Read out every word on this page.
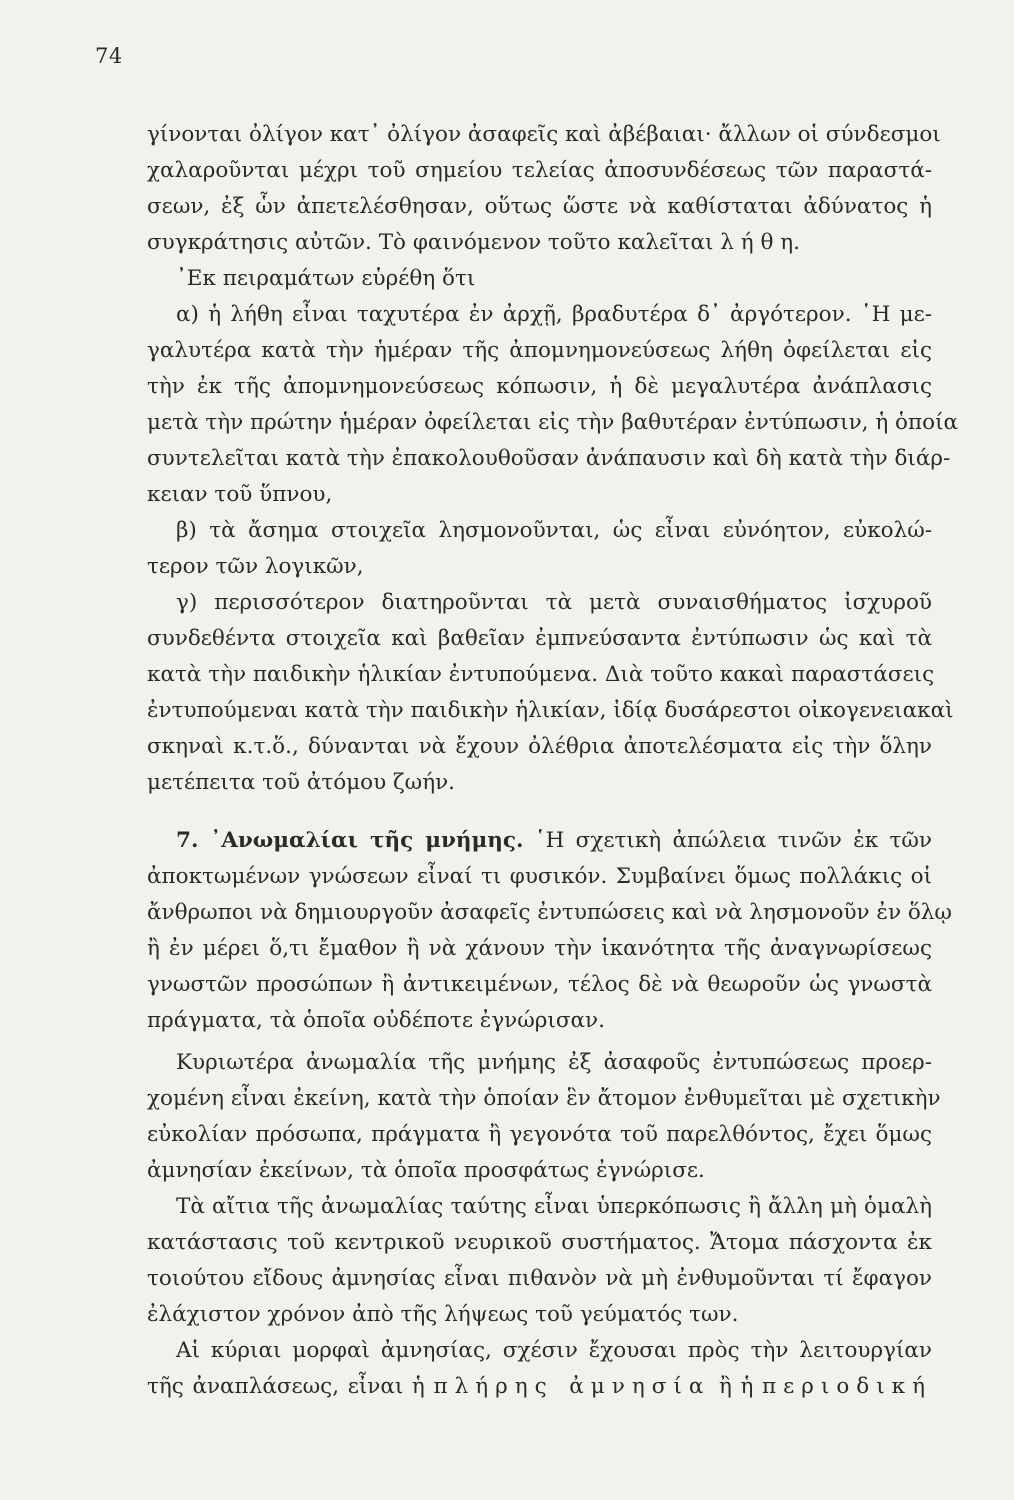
74
γίνονται ὀλίγον κατ᾿ ὀλίγον ἀσαφεῖς καὶ ἀβέβαιαι· ἄλλων οἱ σύνδεσμοι
χαλαροῦνται μέχρι τοῦ σημείου τελείας ἀποσυνδέσεως τῶν παραστά-
σεων, ἐξ ὧν ἀπετελέσθησαν, οὕτως ὥστε νὰ καθίσταται ἀδύνατος ἡ
συγκράτησις αὐτῶν. Τὸ φαινόμενον τοῦτο καλεῖται λ ή θ η.
᾿Εκ πειραμάτων εὑρέθη ὅτι
α) ἡ λήθη εἶναι ταχυτέρα ἐν ἀρχῇ, βραδυτέρα δ᾿ ἀργότερον. ῾Η με-
γαλυτέρα κατὰ τὴν ἡμέραν τῆς ἀπομνημονεύσεως λήθη ὀφείλεται εἰς
τὴν ἐκ τῆς ἀπομνημονεύσεως κόπωσιν, ἡ δὲ μεγαλυτέρα ἀνάπλασις
μετὰ τὴν πρώτην ἡμέραν ὀφείλεται εἰς τὴν βαθυτέραν ἐντύπωσιν, ἡ ὁποία
συντελεῖται κατὰ τὴν ἐπακολουθοῦσαν ἀνάπαυσιν καὶ δὴ κατὰ τὴν διάρ-
κειαν τοῦ ὕπνου,
β) τὰ ἄσημα στοιχεῖα λησμονοῦνται, ὡς εἶναι εὐνόητον, εὐκολώ-
τερον τῶν λογικῶν,
γ) περισσότερον διατηροῦνται τὰ μετὰ συναισθήματος ἰσχυροῦ
συνδεθέντα στοιχεῖα καὶ βαθεῖαν ἐμπνεύσαντα ἐντύπωσιν ὡς καὶ τὰ
κατὰ τὴν παιδικὴν ἡλικίαν ἐντυπούμενα. Διὰ τοῦτο κακαὶ παραστάσεις
ἐντυπούμεναι κατὰ τὴν παιδικὴν ἡλικίαν, ἰδίᾳ δυσάρεστοι οἰκογενειακαὶ
σκηναὶ κ.τ.ὅ., δύνανται νὰ ἔχουν ὀλέθρια ἀποτελέσματα εἰς τὴν ὅλην
μετέπειτα τοῦ ἀτόμου ζωήν.
7. ᾿Ανωμαλίαι τῆς μνήμης. ῾Η σχετικὴ ἀπώλεια τινῶν ἐκ τῶν
ἀποκτωμένων γνώσεων εἶναί τι φυσικόν. Συμβαίνει ὅμως πολλάκις οἱ
ἄνθρωποι νὰ δημιουργοῦν ἀσαφεῖς ἐντυπώσεις καὶ νὰ λησμονοῦν ἐν ὅλῳ
ἢ ἐν μέρει ὅ,τι ἔμαθον ἢ νὰ χάνουν τὴν ἱκανότητα τῆς ἀναγνωρίσεως
γνωστῶν προσώπων ἢ ἀντικειμένων, τέλος δὲ νὰ θεωροῦν ὡς γνωστὰ
πράγματα, τὰ ὁποῖα οὐδέποτε ἐγνώρισαν.
Κυριωτέρα ἀνωμαλία τῆς μνήμης ἐξ ἀσαφοῦς ἐντυπώσεως προερ-
χομένη εἶναι ἐκείνη, κατὰ τὴν ὁποίαν ἓν ἄτομον ἐνθυμεῖται μὲ σχετικὴν
εὐκολίαν πρόσωπα, πράγματα ἢ γεγονότα τοῦ παρελθόντος, ἔχει ὅμως
ἀμνησίαν ἐκείνων, τὰ ὁποῖα προσφάτως ἐγνώρισε.
Τὰ αἴτια τῆς ἀνωμαλίας ταύτης εἶναι ὑπερκόπωσις ἢ ἄλλη μὴ ὁμαλὴ
κατάστασις τοῦ κεντρικοῦ νευρικοῦ συστήματος. Ἄτομα πάσχοντα ἐκ
τοιούτου εἴδους ἀμνησίας εἶναι πιθανὸν νὰ μὴ ἐνθυμοῦνται τί ἔφαγον
ἐλάχιστον χρόνον ἀπὸ τῆς λήψεως τοῦ γεύματός των.
Αἱ κύριαι μορφαὶ ἀμνησίας, σχέσιν ἔχουσαι πρὸς τὴν λειτουργίαν
τῆς ἀναπλάσεως, εἶναι ἡ πλήρης ἀμνησία ἢ ἡ περιοδική
